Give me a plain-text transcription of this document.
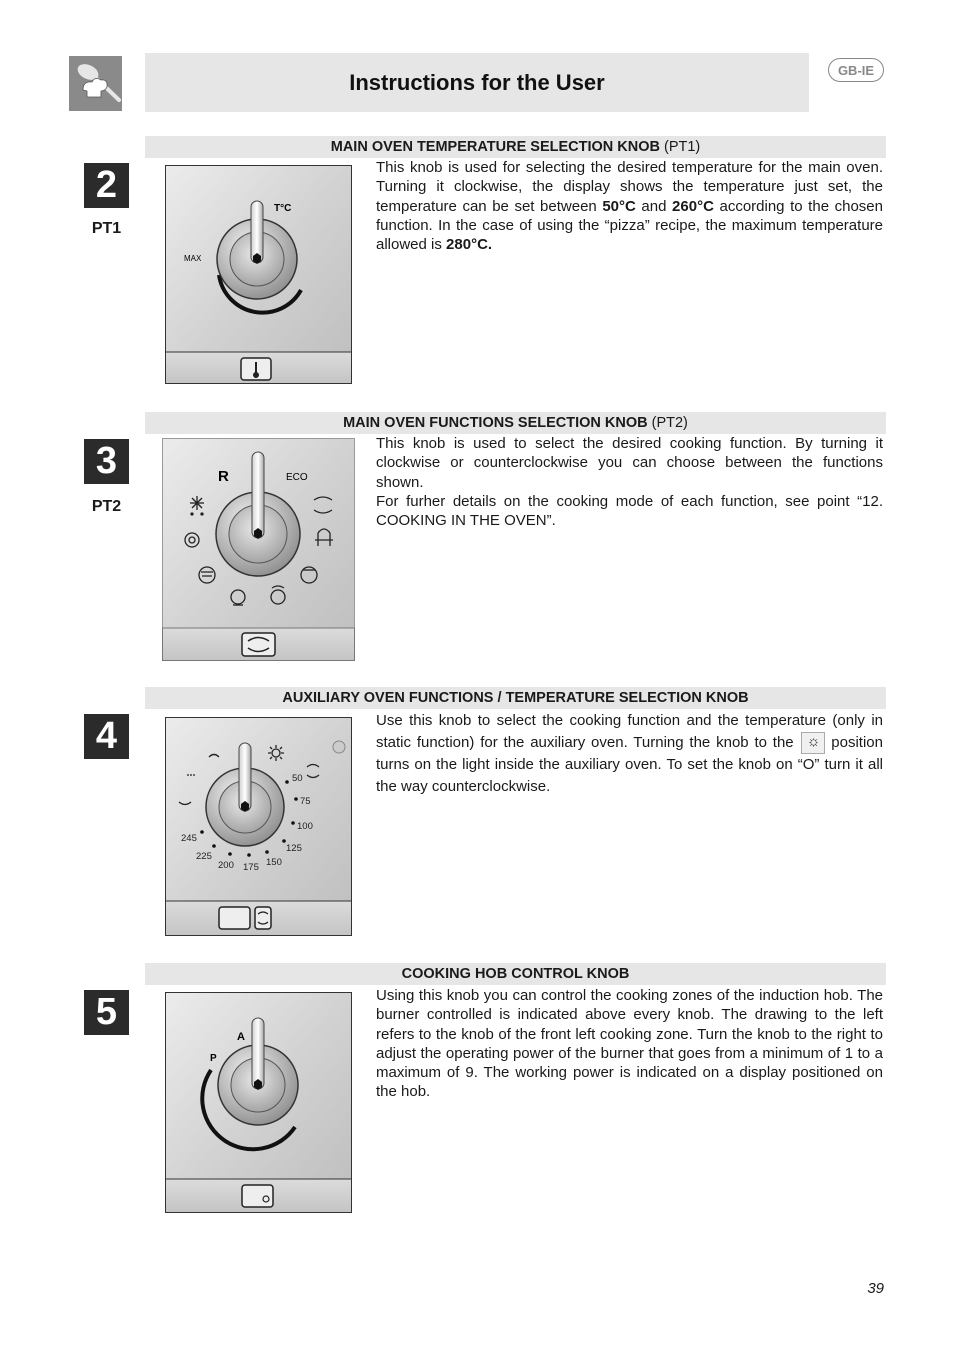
Instructions for the User	GB-IE
MAIN OVEN TEMPERATURE SELECTION KNOB (PT1)
2
PT1
T°C
MAX

This knob is used for selecting the desired temperature for the main oven. Turning it clockwise, the display shows the temperature just set, the temperature can be set between 50°C and 260°C according to the chosen function. In the case of using the “pizza” recipe, the maximum temperature allowed is 280°C.

MAIN OVEN FUNCTIONS SELECTION KNOB (PT2)
3
PT2
R	ECO

This knob is used to select the desired cooking function. By turning it clockwise or counterclockwise you can choose between the functions shown.

For furher details on the cooking mode of each function, see point “12. COOKING IN THE OVEN”.

AUXILIARY OVEN FUNCTIONS / TEMPERATURE SELECTION KNOB
4
50
75
100
125
150
175
200
225
245

Use this knob to select the cooking function and the temperature (only in static function) for the auxiliary oven. Turning the knob to the ☼ position turns on the light inside the auxiliary oven. To set the knob on “O” turn it all the way counterclockwise.

COOKING HOB CONTROL KNOB
5
A
P

Using this knob you can control the cooking zones of the induction hob. The burner controlled is indicated above every knob. The drawing to the left refers to the knob of the front left cooking zone. Turn the knob to the right to adjust the operating power of the burner that goes from a minimum of 1 to a maximum of 9. The working power is indicated on a display positioned on the hob.

39
